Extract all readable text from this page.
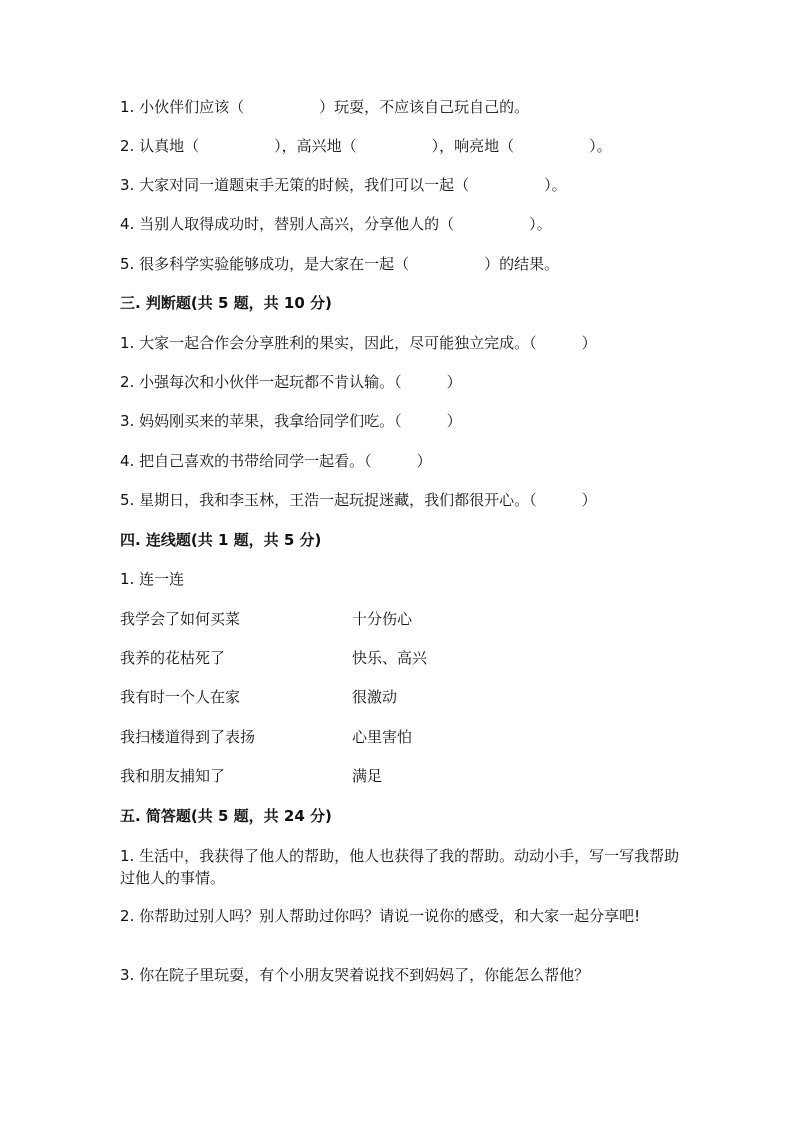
1. 小伙伴们应该（　　　　　）玩耍，不应该自己玩自己的。
2. 认真地（　　　　　），高兴地（　　　　　），响亮地（　　　　　）。
3. 大家对同一道题束手无策的时候，我们可以一起（　　　　　）。
4. 当别人取得成功时，替别人高兴，分享他人的（　　　　　）。
5. 很多科学实验能够成功，是大家在一起（　　　　　）的结果。
三. 判断题(共 5 题，共 10 分)
1. 大家一起合作会分享胜利的果实，因此，尽可能独立完成。（　　　）
2. 小强每次和小伙伴一起玩都不肯认输。（　　　）
3. 妈妈刚买来的苹果，我拿给同学们吃。（　　　）
4. 把自己喜欢的书带给同学一起看。（　　　）
5. 星期日，我和李玉林，王浩一起玩捉迷藏，我们都很开心。（　　　）
四. 连线题(共 1 题，共 5 分)
1. 连一连
我学会了如何买菜	十分伤心
我养的花枯死了	快乐、高兴
我有时一个人在家	很激动
我扫楼道得到了表扬	心里害怕
我和朋友捕知了	满足
五. 简答题(共 5 题，共 24 分)
1. 生活中，我获得了他人的帮助，他人也获得了我的帮助。动动小手，写一写我帮助过他人的事情。
2. 你帮助过别人吗？别人帮助过你吗？请说一说你的感受，和大家一起分享吧!
3. 你在院子里玩耍，有个小朋友哭着说找不到妈妈了，你能怎么帮他？
